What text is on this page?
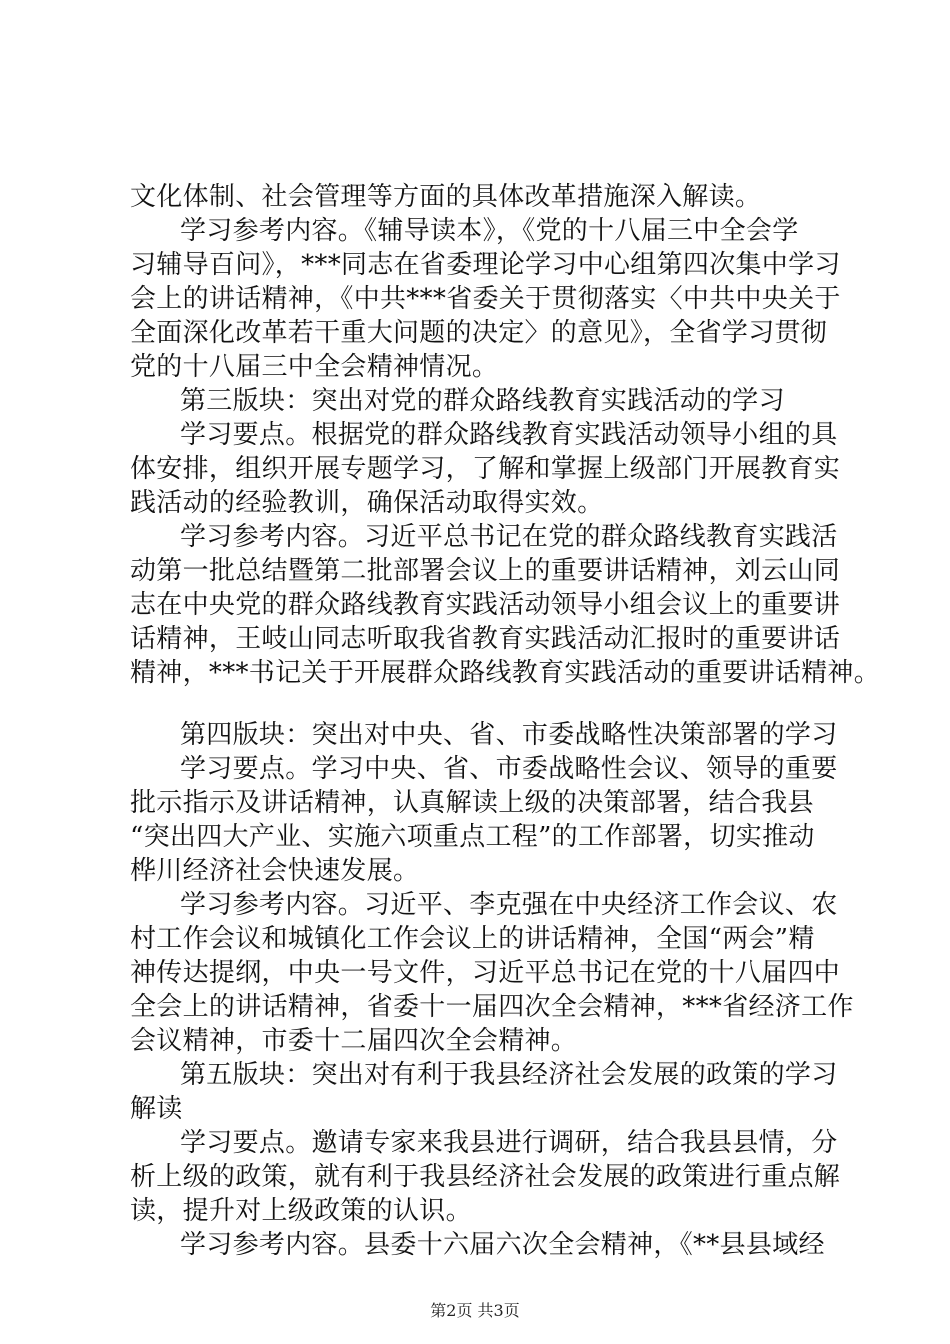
文化体制、社会管理等方面的具体改革措施深入解读。
学习参考内容。《辅导读本》，《党的十八届三中全会学
习辅导百问》，***同志在省委理论学习中心组第四次集中学习
会上的讲话精神，《中共***省委关于贯彻落实〈中共中央关于
全面深化改革若干重大问题的决定〉的意见》，全省学习贯彻
党的十八届三中全会精神情况。
第三版块：突出对党的群众路线教育实践活动的学习
学习要点。根据党的群众路线教育实践活动领导小组的具
体安排，组织开展专题学习，了解和掌握上级部门开展教育实
践活动的经验教训，确保活动取得实效。
学习参考内容。习近平总书记在党的群众路线教育实践活
动第一批总结暨第二批部署会议上的重要讲话精神，刘云山同
志在中央党的群众路线教育实践活动领导小组会议上的重要讲
话精神，王岐山同志听取我省教育实践活动汇报时的重要讲话
精神，***书记关于开展群众路线教育实践活动的重要讲话精神。
第四版块：突出对中央、省、市委战略性决策部署的学习
学习要点。学习中央、省、市委战略性会议、领导的重要
批示指示及讲话精神，认真解读上级的决策部署，结合我县
“突出四大产业、实施六项重点工程”的工作部署，切实推动
桦川经济社会快速发展。
学习参考内容。习近平、李克强在中央经济工作会议、农
村工作会议和城镇化工作会议上的讲话精神，全国“两会”精
神传达提纲，中央一号文件，习近平总书记在党的十八届四中
全会上的讲话精神，省委十一届四次全会精神，***省经济工作
会议精神，市委十二届四次全会精神。
第五版块：突出对有利于我县经济社会发展的政策的学习
解读
学习要点。邀请专家来我县进行调研，结合我县县情，分
析上级的政策，就有利于我县经济社会发展的政策进行重点解
读，提升对上级政策的认识。
学习参考内容。县委十六届六次全会精神，《**县县域经
第2页 共3页
